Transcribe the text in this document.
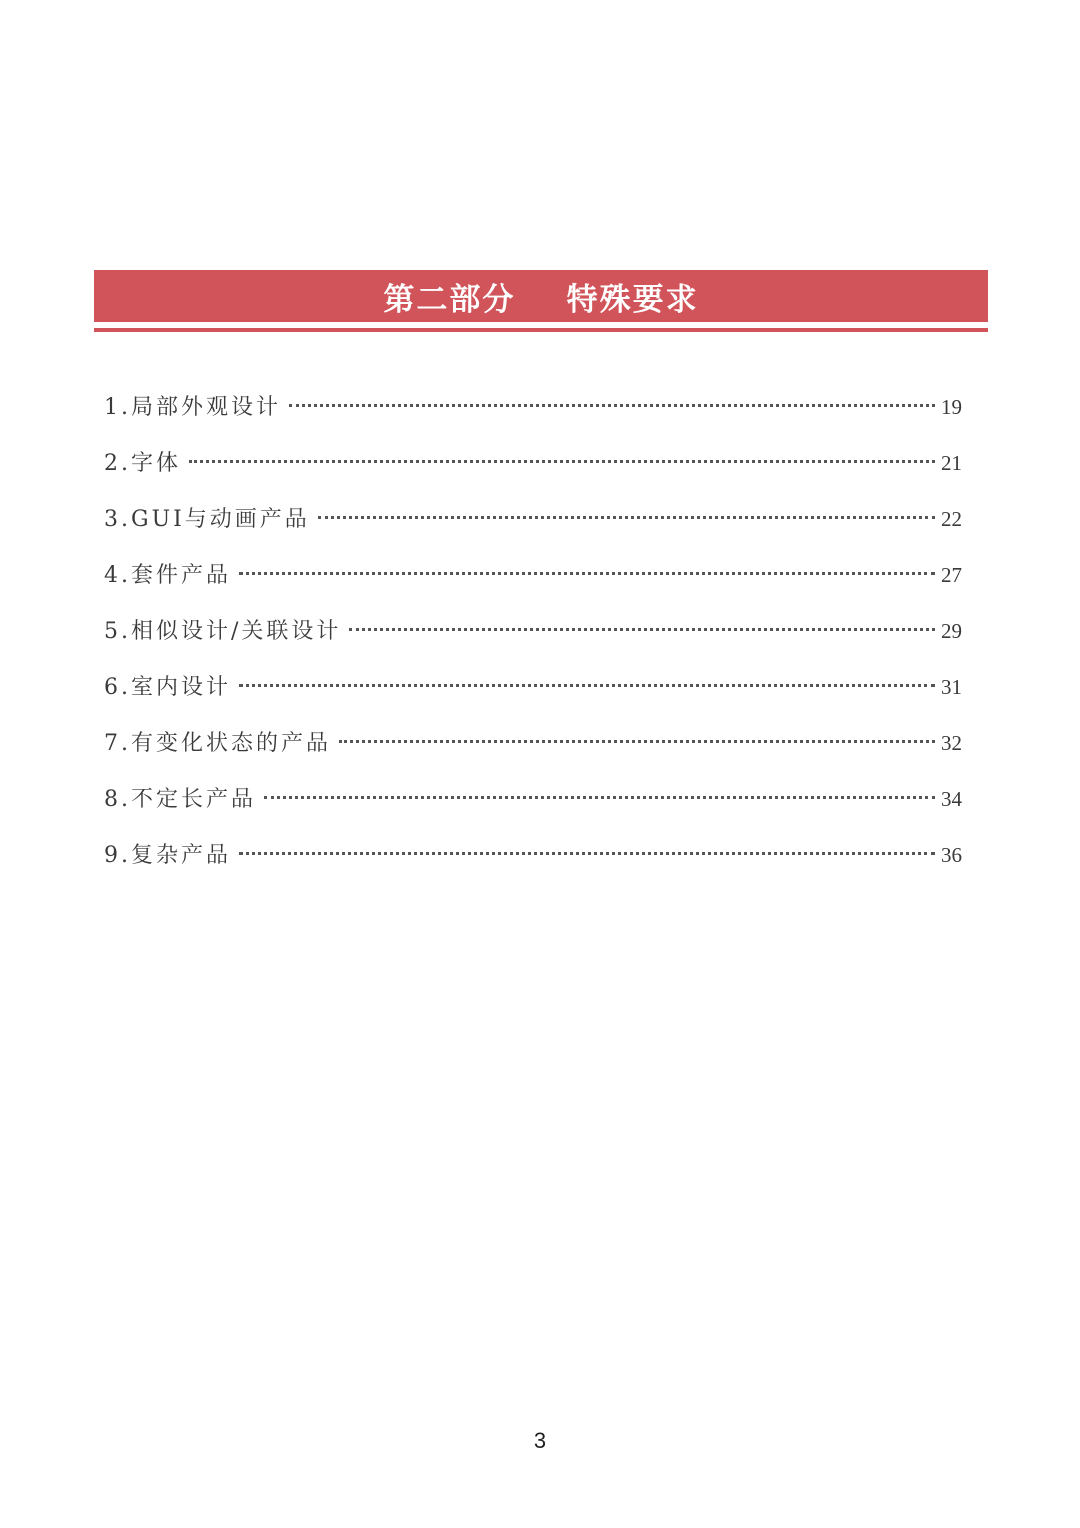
第二部分    特殊要求
1.局部外观设计	19
2.字体	21
3.GUI与动画产品	22
4.套件产品	27
5.相似设计/关联设计	29
6.室内设计	31
7.有变化状态的产品	32
8.不定长产品	34
9.复杂产品	36
3
